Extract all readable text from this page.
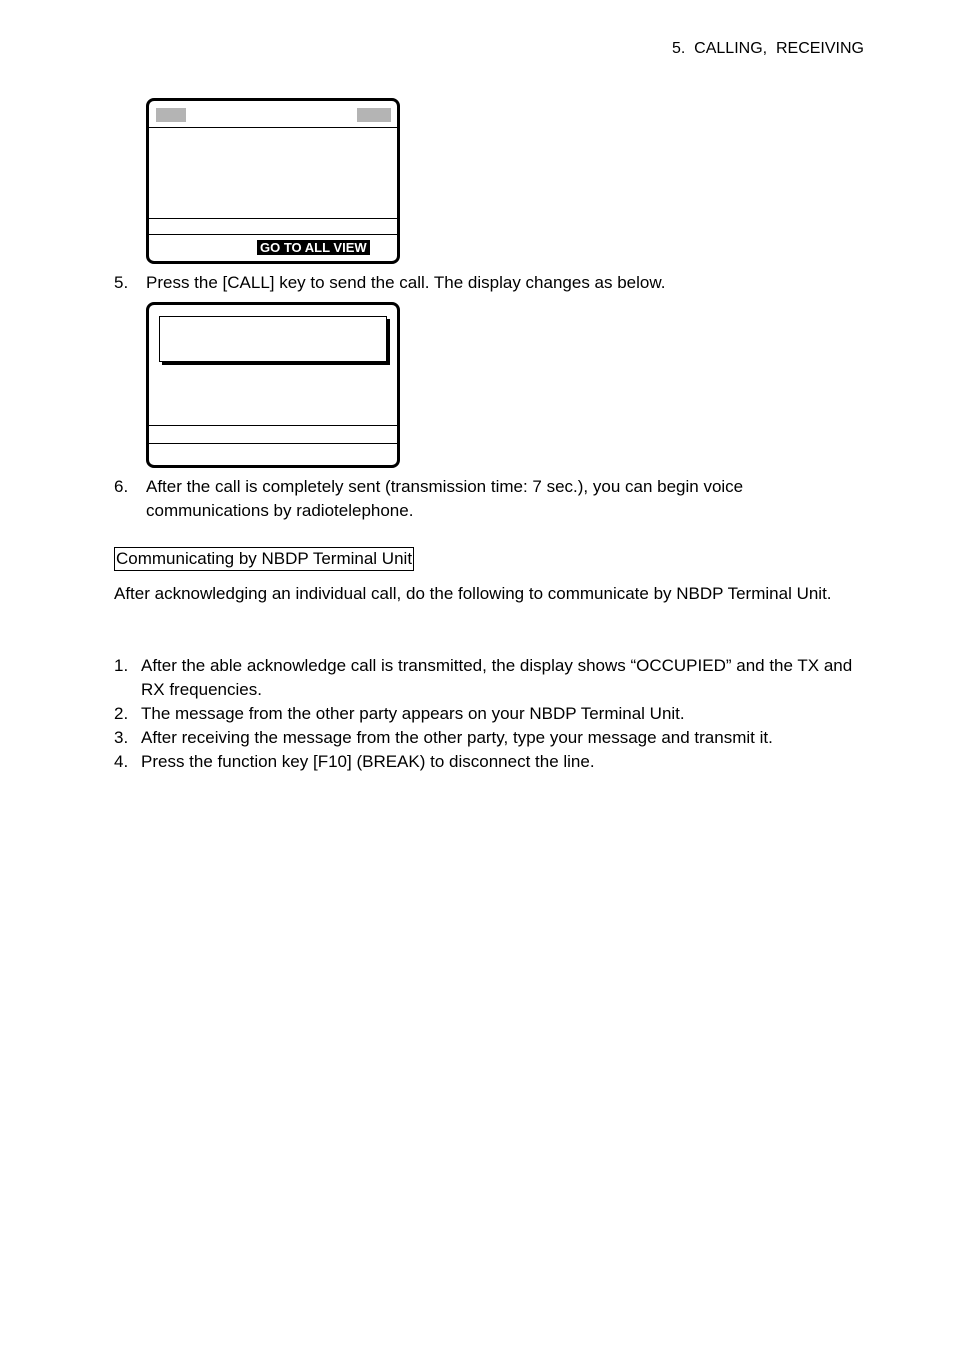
5.  CALLING,  RECEIVING
GO TO ALL VIEW
5. Press the [CALL] key to send the call. The display changes as below.
6. After the call is completely sent (transmission time: 7 sec.), you can begin voice communications by radiotelephone.
Communicating by NBDP Terminal Unit
After acknowledging an individual call, do the following to communicate by NBDP Terminal Unit.
1. After the able acknowledge call is transmitted, the display shows “OCCUPIED” and the TX and RX frequencies.
2. The message from the other party appears on your NBDP Terminal Unit.
3. After receiving the message from the other party, type your message and transmit it.
4. Press the function key [F10] (BREAK) to disconnect the line.
